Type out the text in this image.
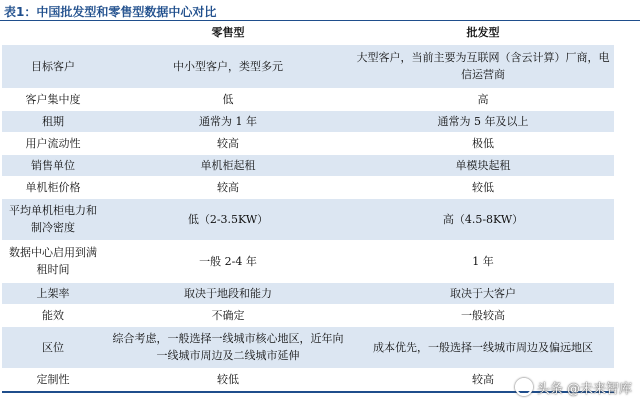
表1：中国批发型和零售型数据中心对比
	零售型	批发型
目标客户	中小型客户，类型多元	大型客户，当前主要为互联网（含云计算）厂商，电信运营商
客户集中度	低	高
租期	通常为 1 年	通常为 5 年及以上
用户流动性	较高	极低
销售单位	单机柜起租	单模块起租
单机柜价格	较高	较低
平均单机柜电力和制冷密度	低（2-3.5KW）	高（4.5-8KW）
数据中心启用到满租时间	一般 2-4 年	1 年
上架率	取决于地段和能力	取决于大客户
能效	不确定	一般较高
区位	综合考虑，一般选择一线城市核心地区，近年向一线城市周边及二线城市延伸	成本优先，一般选择一线城市周边及偏远地区
定制性	较低	较高
头条 @未来智库
